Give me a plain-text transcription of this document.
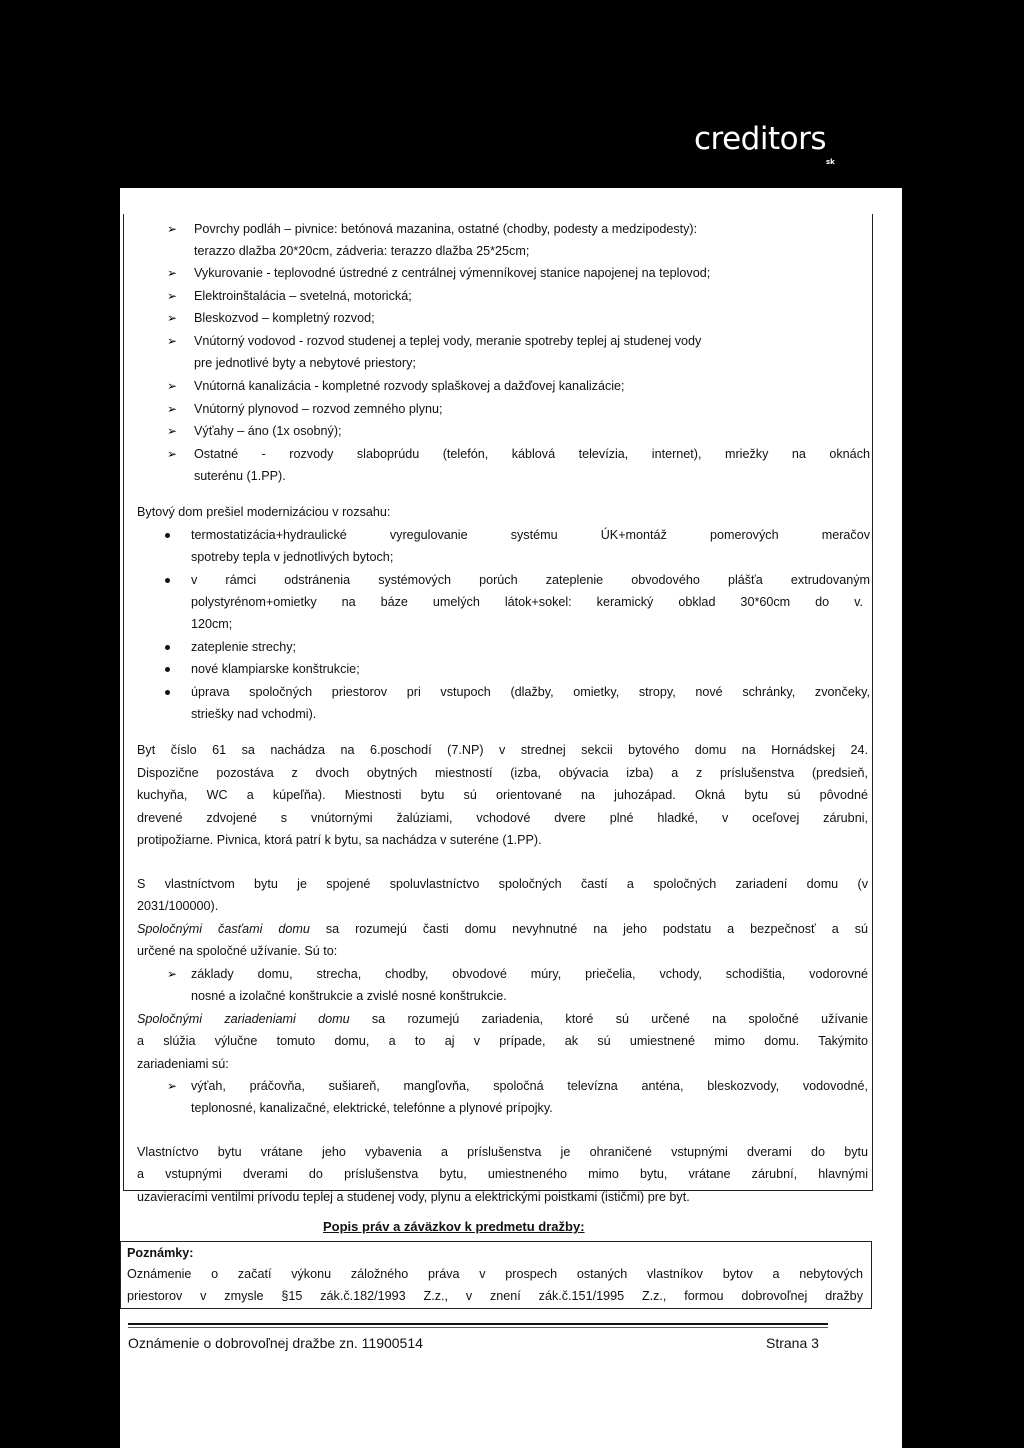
creditors
sk
➢ Povrchy podláh – pivnice: betónová mazanina, ostatné (chodby, podesty a medzipodesty):
terazzo dlažba 20*20cm, zádveria: terazzo dlažba 25*25cm;
➢ Vykurovanie - teplovodné ústredné z centrálnej výmenníkovej stanice napojenej na teplovod;
➢ Elektroinštalácia – svetelná, motorická;
➢ Bleskozvod – kompletný rozvod;
➢ Vnútorný vodovod - rozvod studenej a teplej vody, meranie spotreby teplej aj studenej vody
pre jednotlivé byty a nebytové priestory;
➢ Vnútorná kanalizácia - kompletné rozvody splaškovej a dažďovej kanalizácie;
➢ Vnútorný plynovod – rozvod zemného plynu;
➢ Výťahy – áno (1x osobný);
➢ Ostatné - rozvody slaboprúdu (telefón, káblová televízia, internet), mriežky na oknách
suterénu (1.PP).
Bytový dom prešiel modernizáciou v rozsahu:
termostatizácia+hydraulické vyregulovanie systému ÚK+montáž pomerových meračov
spotreby tepla v jednotlivých bytoch;
v rámci odstránenia systémových porúch zateplenie obvodového plášťa extrudovaným
polystyrénom+omietky na báze umelých látok+sokel: keramický obklad 30*60cm do v.
120cm;
zateplenie strechy;
nové klampiarske konštrukcie;
úprava spoločných priestorov pri vstupoch (dlažby, omietky, stropy, nové schránky, zvončeky,
striešky nad vchodmi).
Byt číslo 61 sa nachádza na 6.poschodí (7.NP) v strednej sekcii bytového domu na Hornádskej 24.
Dispozične pozostáva z dvoch obytných miestností (izba, obývacia izba) a z príslušenstva (predsieň,
kuchyňa, WC a kúpeľňa). Miestnosti bytu sú orientované na juhozápad. Okná bytu sú pôvodné
drevené zdvojené s vnútornými žalúziami, vchodové dvere plné hladké, v oceľovej zárubni,
protipožiarne. Pivnica, ktorá patrí k bytu, sa nachádza v suteréne (1.PP).
S vlastníctvom bytu je spojené spoluvlastníctvo spoločných častí a spoločných zariadení domu (v
2031/100000).
Spoločnými časťami domu sa rozumejú časti domu nevyhnutné na jeho podstatu a bezpečnosť a sú
určené na spoločné užívanie. Sú to:
➢ základy domu, strecha, chodby, obvodové múry, priečelia, vchody, schodištia, vodorovné
nosné a izolačné konštrukcie a zvislé nosné konštrukcie.
Spoločnými zariadeniami domu sa rozumejú zariadenia, ktoré sú určené na spoločné užívanie
a slúžia výlučne tomuto domu, a to aj v prípade, ak sú umiestnené mimo domu. Takýmito
zariadeniami sú:
➢ výťah, práčovňa, sušiareň, mangľovňa, spoločná televízna anténa, bleskozvody, vodovodné,
teplonosné, kanalizačné, elektrické, telefónne a plynové prípojky.
Vlastníctvo bytu vrátane jeho vybavenia a príslušenstva je ohraničené vstupnými dverami do bytu
a vstupnými dverami do príslušenstva bytu, umiestneného mimo bytu, vrátane zárubní, hlavnými
uzavieracími ventilmi prívodu teplej a studenej vody, plynu a elektrickými poistkami (ističmi) pre byt.
Popis práv a záväzkov k predmetu dražby:
Poznámky:
Oznámenie o začatí výkonu záložného práva v prospech ostaných vlastníkov bytov a nebytových
priestorov v zmysle §15 zák.č.182/1993 Z.z., v znení zák.č.151/1995 Z.z., formou dobrovoľnej dražby
Oznámenie o dobrovoľnej dražbe zn. 11900514	Strana 3
